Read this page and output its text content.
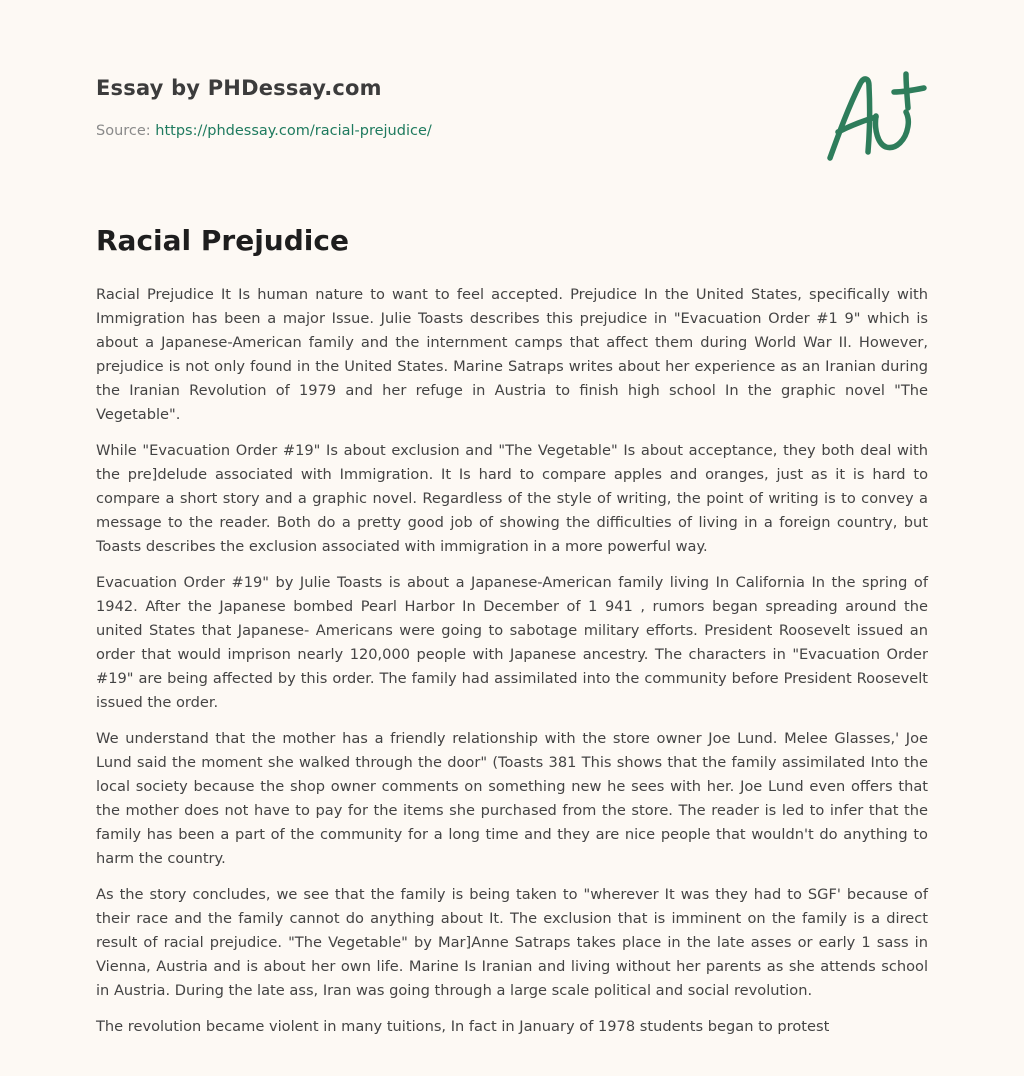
Essay by PHDessay.com

Source: https://phdessay.com/racial-prejudice/

Racial Prejudice

Racial Prejudice It Is human nature to want to feel accepted. Prejudice In the United States, specifically with Immigration has been a major Issue. Julie Toasts describes this prejudice in "Evacuation Order #1 9" which is about a Japanese-American family and the internment camps that affect them during World War II. However, prejudice is not only found in the United States. Marine Satraps writes about her experience as an Iranian during the Iranian Revolution of 1979 and her refuge in Austria to finish high school In the graphic novel "The Vegetable".

While "Evacuation Order #19" Is about exclusion and "The Vegetable" Is about acceptance, they both deal with the pre]delude associated with Immigration. It Is hard to compare apples and oranges, just as it is hard to compare a short story and a graphic novel. Regardless of the style of writing, the point of writing is to convey a message to the reader. Both do a pretty good job of showing the difficulties of living in a foreign country, but Toasts describes the exclusion associated with immigration in a more powerful way.

Evacuation Order #19" by Julie Toasts is about a Japanese-American family living In California In the spring of 1942. After the Japanese bombed Pearl Harbor In December of 1 941 , rumors began spreading around the united States that Japanese- Americans were going to sabotage military efforts. President Roosevelt issued an order that would imprison nearly 120,000 people with Japanese ancestry. The characters in "Evacuation Order #19" are being affected by this order. The family had assimilated into the community before President Roosevelt issued the order.

We understand that the mother has a friendly relationship with the store owner Joe Lund. Melee Glasses,' Joe Lund said the moment she walked through the door" (Toasts 381 This shows that the family assimilated Into the local society because the shop owner comments on something new he sees with her. Joe Lund even offers that the mother does not have to pay for the items she purchased from the store. The reader is led to infer that the family has been a part of the community for a long time and they are nice people that wouldn't do anything to harm the country.

As the story concludes, we see that the family is being taken to "wherever It was they had to SGF' because of their race and the family cannot do anything about It. The exclusion that is imminent on the family is a direct result of racial prejudice. "The Vegetable" by Mar]Anne Satraps takes place in the late asses or early 1 sass in Vienna, Austria and is about her own life. Marine Is Iranian and living without her parents as she attends school in Austria. During the late ass, Iran was going through a large scale political and social revolution.

The revolution became violent in many tuitions, In fact in January of 1978 students began to protest
